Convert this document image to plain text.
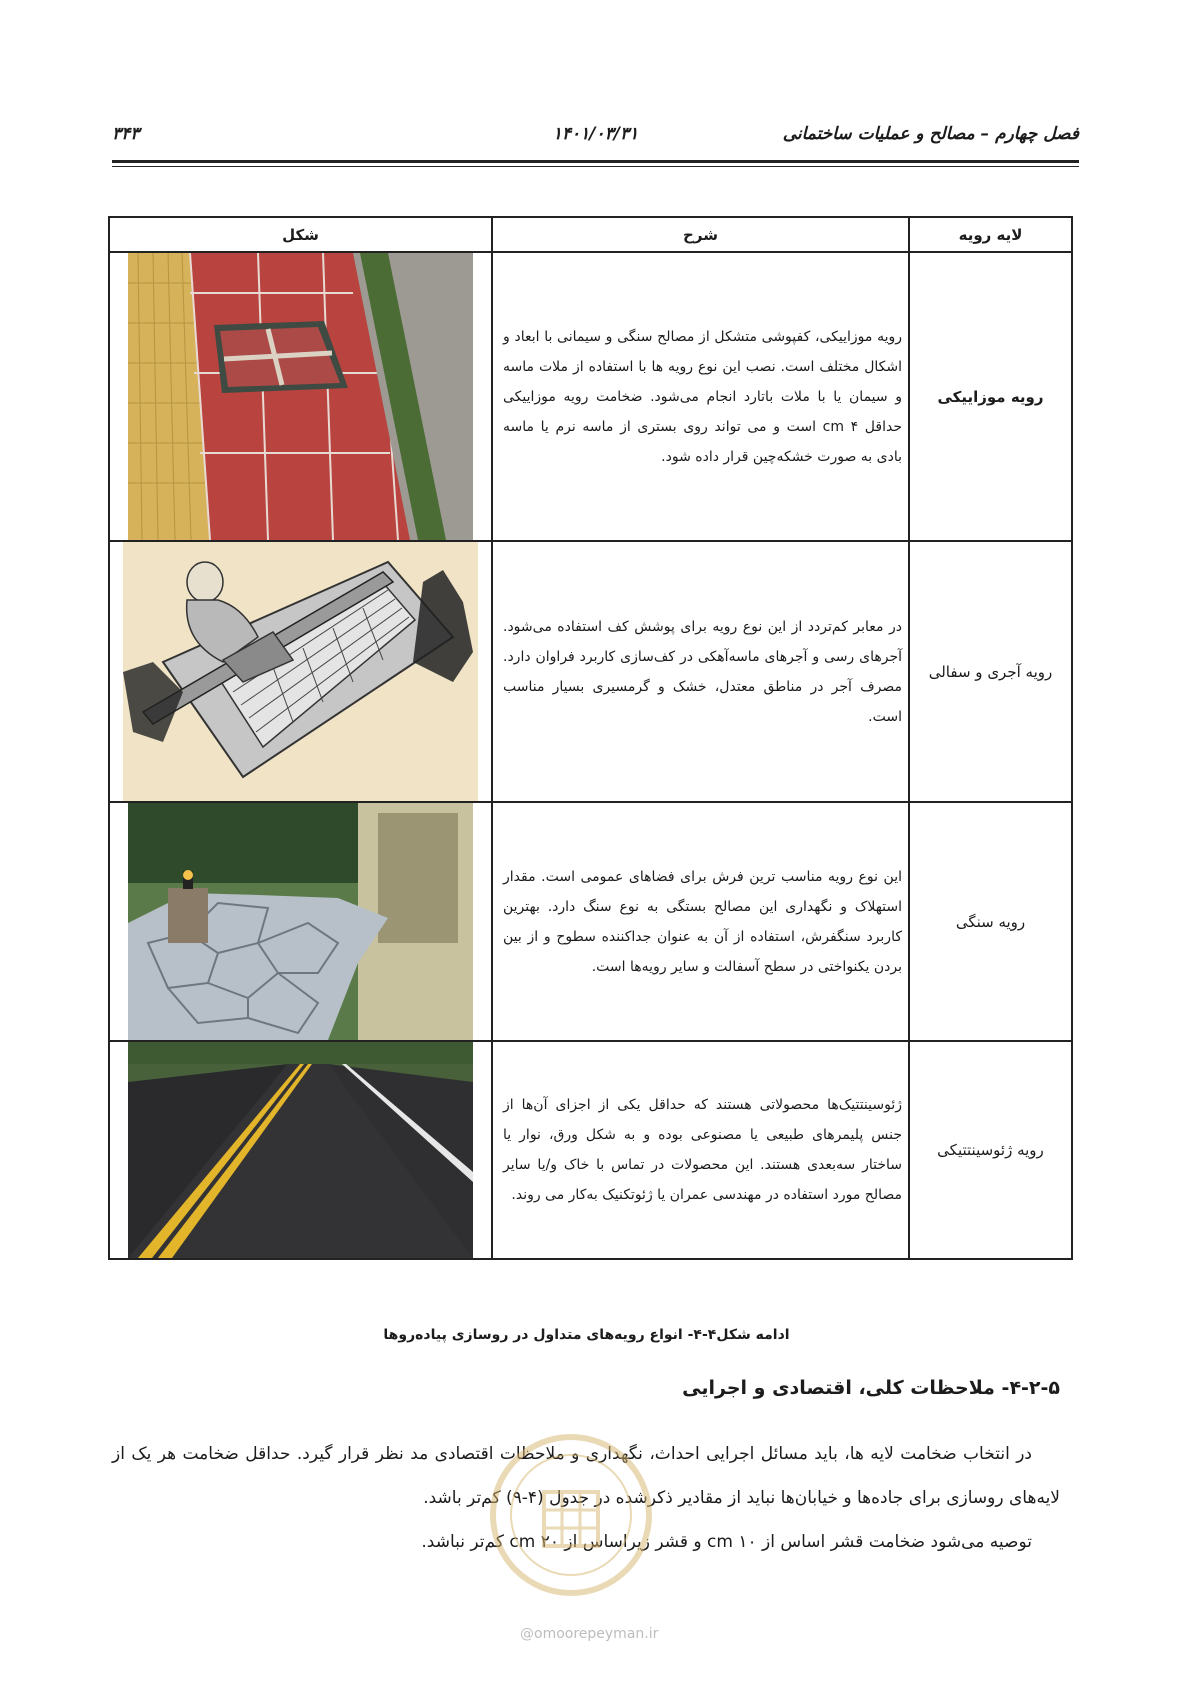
فصل چهارم – مصالح و عملیات ساختمانی
۱۴۰۱/۰۳/۳۱
۳۴۳
لایه رویه	شرح	شکل
رویه موزاییکی	رویه موزاییکی، کفپوشی متشکل از مصالح سنگی و سیمانی با ابعاد و اشکال مختلف است. نصب این نوع رویه ها با استفاده از ملات ماسه و سیمان یا با ملات باتارد انجام می‌شود. ضخامت رویه موزاییکی حداقل ۴ cm است و می تواند روی بستری از ماسه نرم یا ماسه بادی به صورت خشکه‌چین قرار داده شود.

رویه آجری و سفالی	در معابر کم‌تردد از این نوع رویه برای پوشش کف استفاده می‌شود. آجرهای رسی و آجرهای ماسه‌آهکی در کف‌سازی کاربرد فراوان دارد. مصرف آجر در مناطق معتدل، خشک و گرمسیری بسیار مناسب است.

رویه سنگی	این نوع رویه مناسب ترین فرش برای فضاهای عمومی است. مقدار استهلاک و نگهداری این مصالح بستگی به نوع سنگ دارد. بهترین کاربرد سنگفرش، استفاده از آن به عنوان جداکننده سطوح و از بین بردن یکنواختی در سطح آسفالت و سایر رویه‌ها است.

رویه ژئوسینتتیکی	ژئوسینتتیک‌ها محصولاتی هستند که حداقل یکی از اجزای آن‌ها از جنس پلیمرهای طبیعی یا مصنوعی بوده و به شکل ورق، نوار یا ساختار سه‌بعدی هستند. این محصولات در تماس با خاک و/یا سایر مصالح مورد استفاده در مهندسی عمران یا ژئوتکنیک به‌کار می روند.

ادامه شکل۴-۴- انواع رویه‌های متداول در روسازی پیاده‌روها
۴-۲-۵- ملاحظات کلی، اقتصادی و اجرایی
در انتخاب ضخامت لایه ها، باید مسائل اجرایی احداث، نگهداری و ملاحظات اقتصادی مد نظر قرار گیرد. حداقل ضخامت هر یک از لایه‌های روسازی برای جاده‌ها و خیابان‌ها نباید از مقادیر ذکرشده در جدول (۴-۹) کم‌تر باشد.
توصیه می‌شود ضخامت قشر اساس از ۱۰ cm و قشر زیراساس از ۲۰ cm کم‌تر نباشد.
@omoorepeyman.ir
